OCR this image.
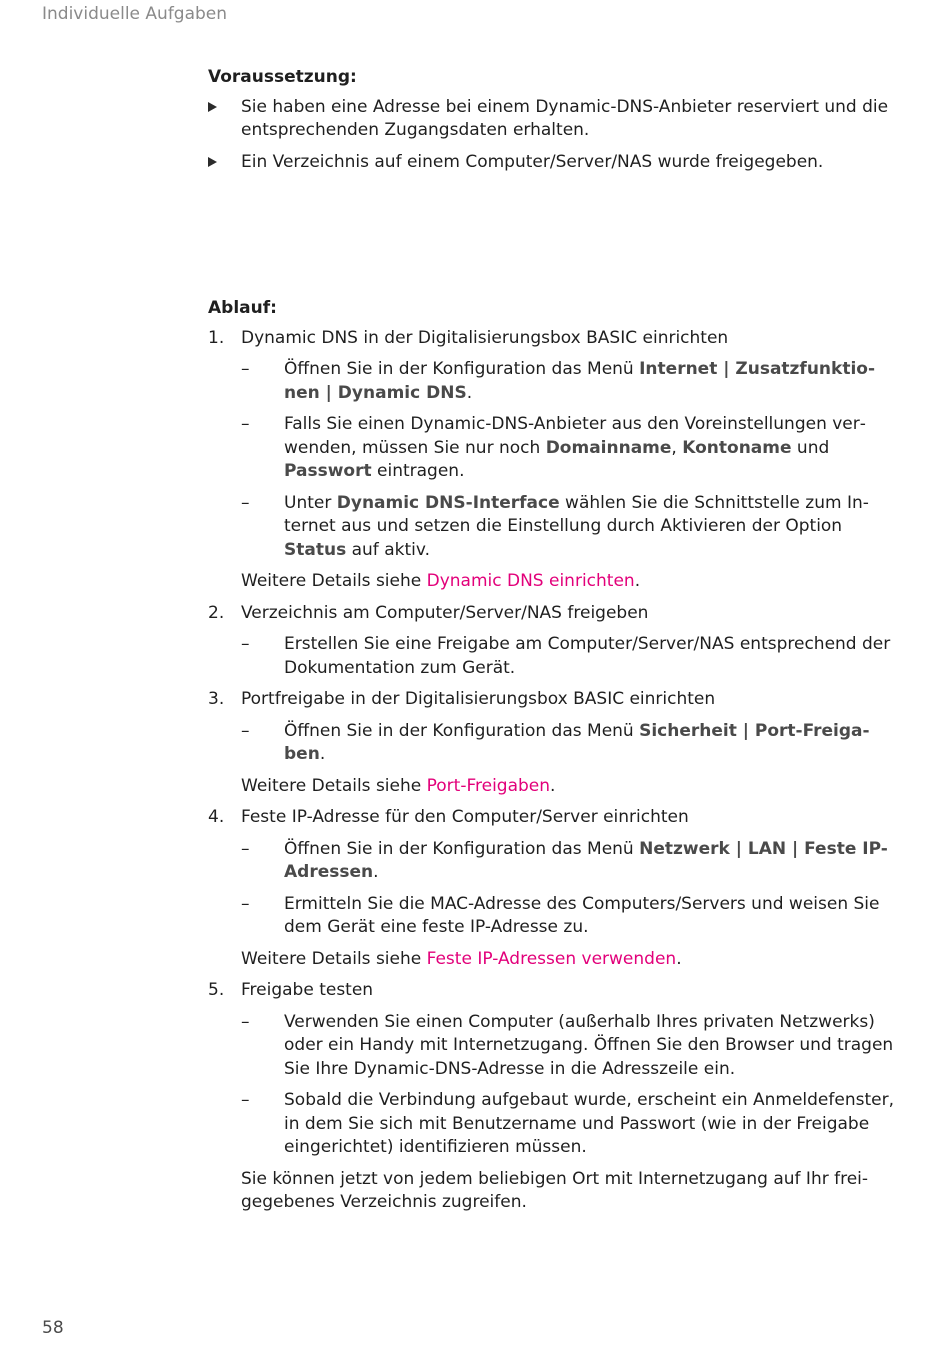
Individuelle Aufgaben
Voraussetzung:
Sie haben eine Adresse bei einem Dynamic-DNS-Anbieter reserviert und die entsprechenden Zugangsdaten erhalten.
Ein Verzeichnis auf einem Computer/Server/NAS wurde freigegeben.
Ablauf:
1. Dynamic DNS in der Digitalisierungsbox BASIC einrichten
– Öffnen Sie in der Konfiguration das Menü Internet | Zusatzfunktionen | Dynamic DNS.
– Falls Sie einen Dynamic-DNS-Anbieter aus den Voreinstellungen verwenden, müssen Sie nur noch Domainname, Kontoname und Passwort eintragen.
– Unter Dynamic DNS-Interface wählen Sie die Schnittstelle zum Internet aus und setzen die Einstellung durch Aktivieren der Option Status auf aktiv.
Weitere Details siehe Dynamic DNS einrichten.
2. Verzeichnis am Computer/Server/NAS freigeben
– Erstellen Sie eine Freigabe am Computer/Server/NAS entsprechend der Dokumentation zum Gerät.
3. Portfreigabe in der Digitalisierungsbox BASIC einrichten
– Öffnen Sie in der Konfiguration das Menü Sicherheit | Port-Freigaben.
Weitere Details siehe Port-Freigaben.
4. Feste IP-Adresse für den Computer/Server einrichten
– Öffnen Sie in der Konfiguration das Menü Netzwerk | LAN | Feste IP-Adressen.
– Ermitteln Sie die MAC-Adresse des Computers/Servers und weisen Sie dem Gerät eine feste IP-Adresse zu.
Weitere Details siehe Feste IP-Adressen verwenden.
5. Freigabe testen
– Verwenden Sie einen Computer (außerhalb Ihres privaten Netzwerks) oder ein Handy mit Internetzugang. Öffnen Sie den Browser und tragen Sie Ihre Dynamic-DNS-Adresse in die Adresszeile ein.
– Sobald die Verbindung aufgebaut wurde, erscheint ein Anmeldefenster, in dem Sie sich mit Benutzername und Passwort (wie in der Freigabe eingerichtet) identifizieren müssen.
Sie können jetzt von jedem beliebigen Ort mit Internetzugang auf Ihr freigegebenes Verzeichnis zugreifen.
58
